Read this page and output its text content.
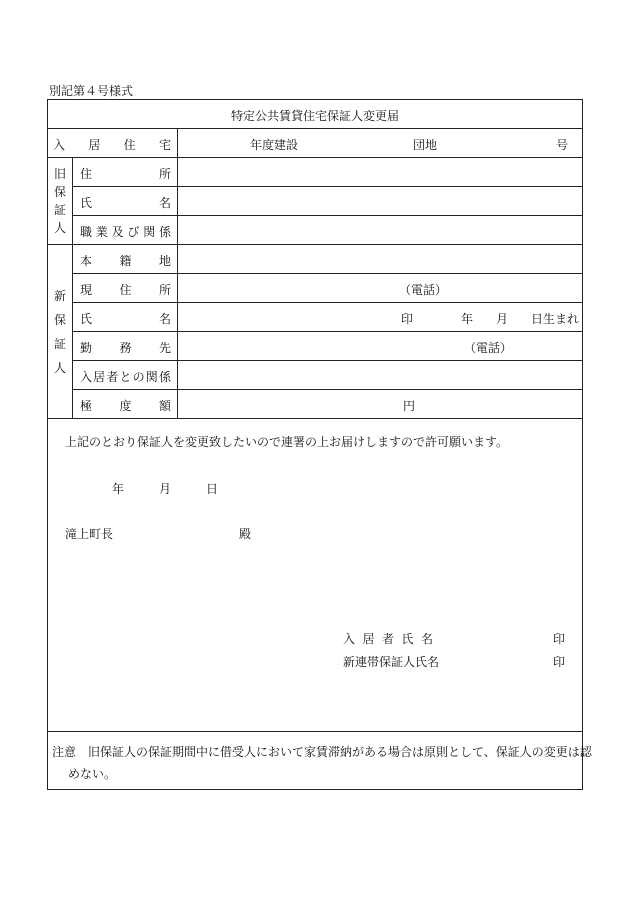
別記第４号様式
特定公共賃貸住宅保証人変更届
入 居 住 宅	年度建設	団地	号
旧
保
証
人
住	所
氏	名
職 業 及 び 関 係
新
保
証
人
本 籍 地
現 住 所	（電話）
氏	名	印	年 月 日生まれ
勤 務 先	（電話）
入 居 者 と の 関 係
極 度 額	円
上記のとおり保証人を変更致したいので連署の上お届けしますので許可願います。
年	月	日
滝上町長	殿
入 居 者 氏 名	印
新連帯保証人氏名	印
注意 旧保証人の保証期間中に借受人において家賃滞納がある場合は原則として、保証人の変更は認
めない。
